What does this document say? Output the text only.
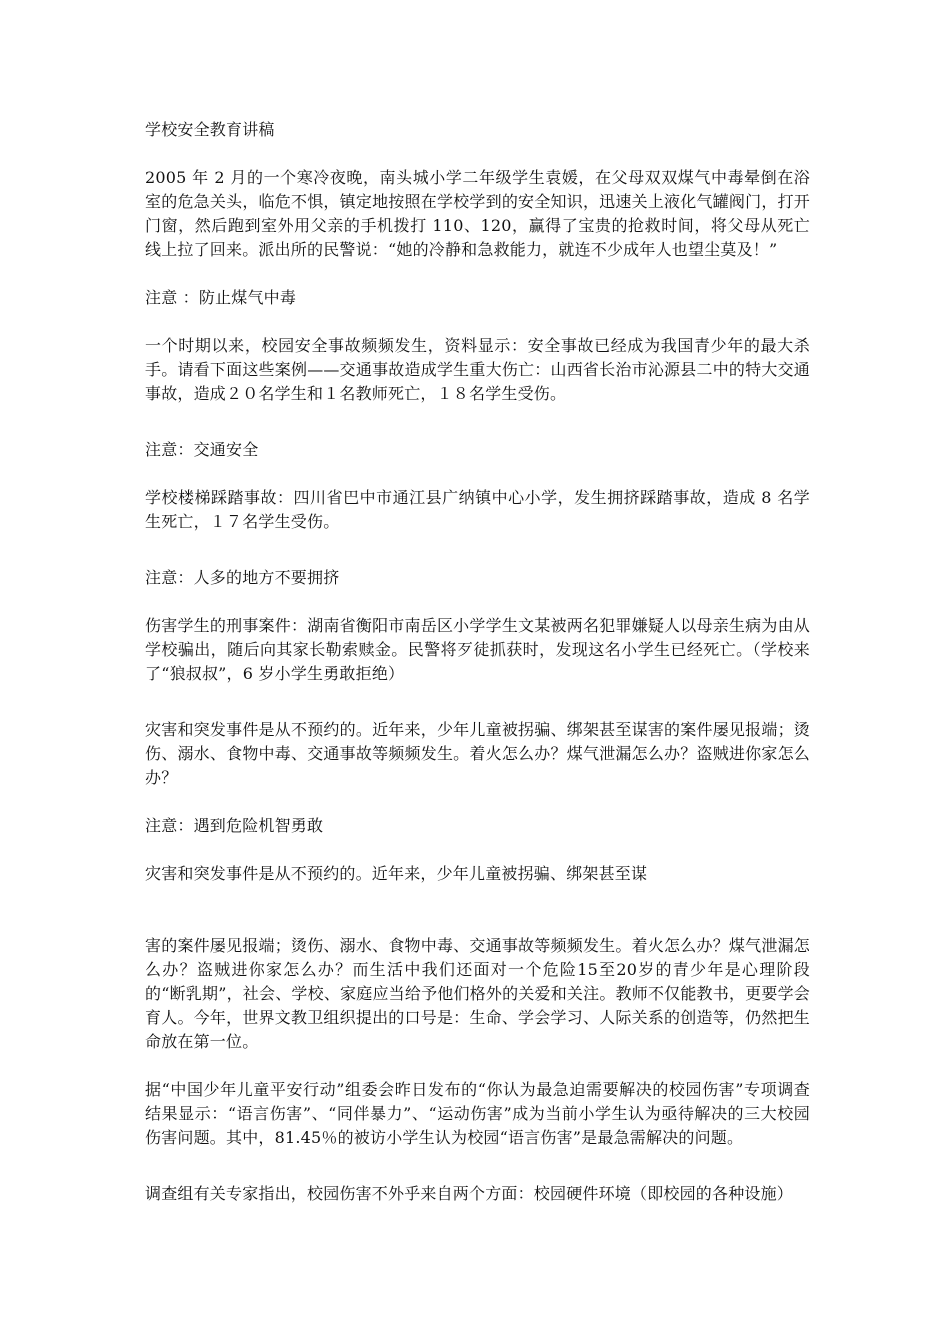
学校安全教育讲稿

2005 年 2 月的一个寒冷夜晚，南头城小学二年级学生袁媛，在父母双双煤气中毒晕倒在浴室的危急关头，临危不惧，镇定地按照在学校学到的安全知识，迅速关上液化气罐阀门，打开门窗，然后跑到室外用父亲的手机拨打 110、120，赢得了宝贵的抢救时间，将父母从死亡线上拉了回来。派出所的民警说：“她的冷静和急救能力，就连不少成年人也望尘莫及！”

注意 ：防止煤气中毒

一个时期以来，校园安全事故频频发生，资料显示：安全事故已经成为我国青少年的最大杀手。请看下面这些案例——交通事故造成学生重大伤亡：山西省长治市沁源县二中的特大交通事故，造成２０名学生和１名教师死亡，１８名学生受伤。

注意：交通安全

学校楼梯踩踏事故：四川省巴中市通江县广纳镇中心小学，发生拥挤踩踏事故，造成 8 名学生死亡，１７名学生受伤。

注意：人多的地方不要拥挤

伤害学生的刑事案件：湖南省衡阳市南岳区小学学生文某被两名犯罪嫌疑人以母亲生病为由从学校骗出，随后向其家长勒索赎金。民警将歹徒抓获时，发现这名小学生已经死亡。（学校来了“狼叔叔”，6 岁小学生勇敢拒绝）

灾害和突发事件是从不预约的。近年来，少年儿童被拐骗、绑架甚至谋害的案件屡见报端；烫伤、溺水、食物中毒、交通事故等频频发生。着火怎么办？煤气泄漏怎么办？盗贼进你家怎么办？

注意：遇到危险机智勇敢

灾害和突发事件是从不预约的。近年来，少年儿童被拐骗、绑架甚至谋

害的案件屡见报端；烫伤、溺水、食物中毒、交通事故等频频发生。着火怎么办？煤气泄漏怎么办？盗贼进你家怎么办？而生活中我们还面对一个危险15至20岁的青少年是心理阶段的“断乳期”，社会、学校、家庭应当给予他们格外的关爱和关注。教师不仅能教书，更要学会育人。今年，世界文教卫组织提出的口号是：生命、学会学习、人际关系的创造等，仍然把生命放在第一位。

据“中国少年儿童平安行动”组委会昨日发布的“你认为最急迫需要解决的校园伤害”专项调查结果显示：“语言伤害”、“同伴暴力”、“运动伤害”成为当前小学生认为亟待解决的三大校园伤害问题。其中，81.45％的被访小学生认为校园“语言伤害”是最急需解决的问题。

调查组有关专家指出，校园伤害不外乎来自两个方面：校园硬件环境（即校园的各种设施）
